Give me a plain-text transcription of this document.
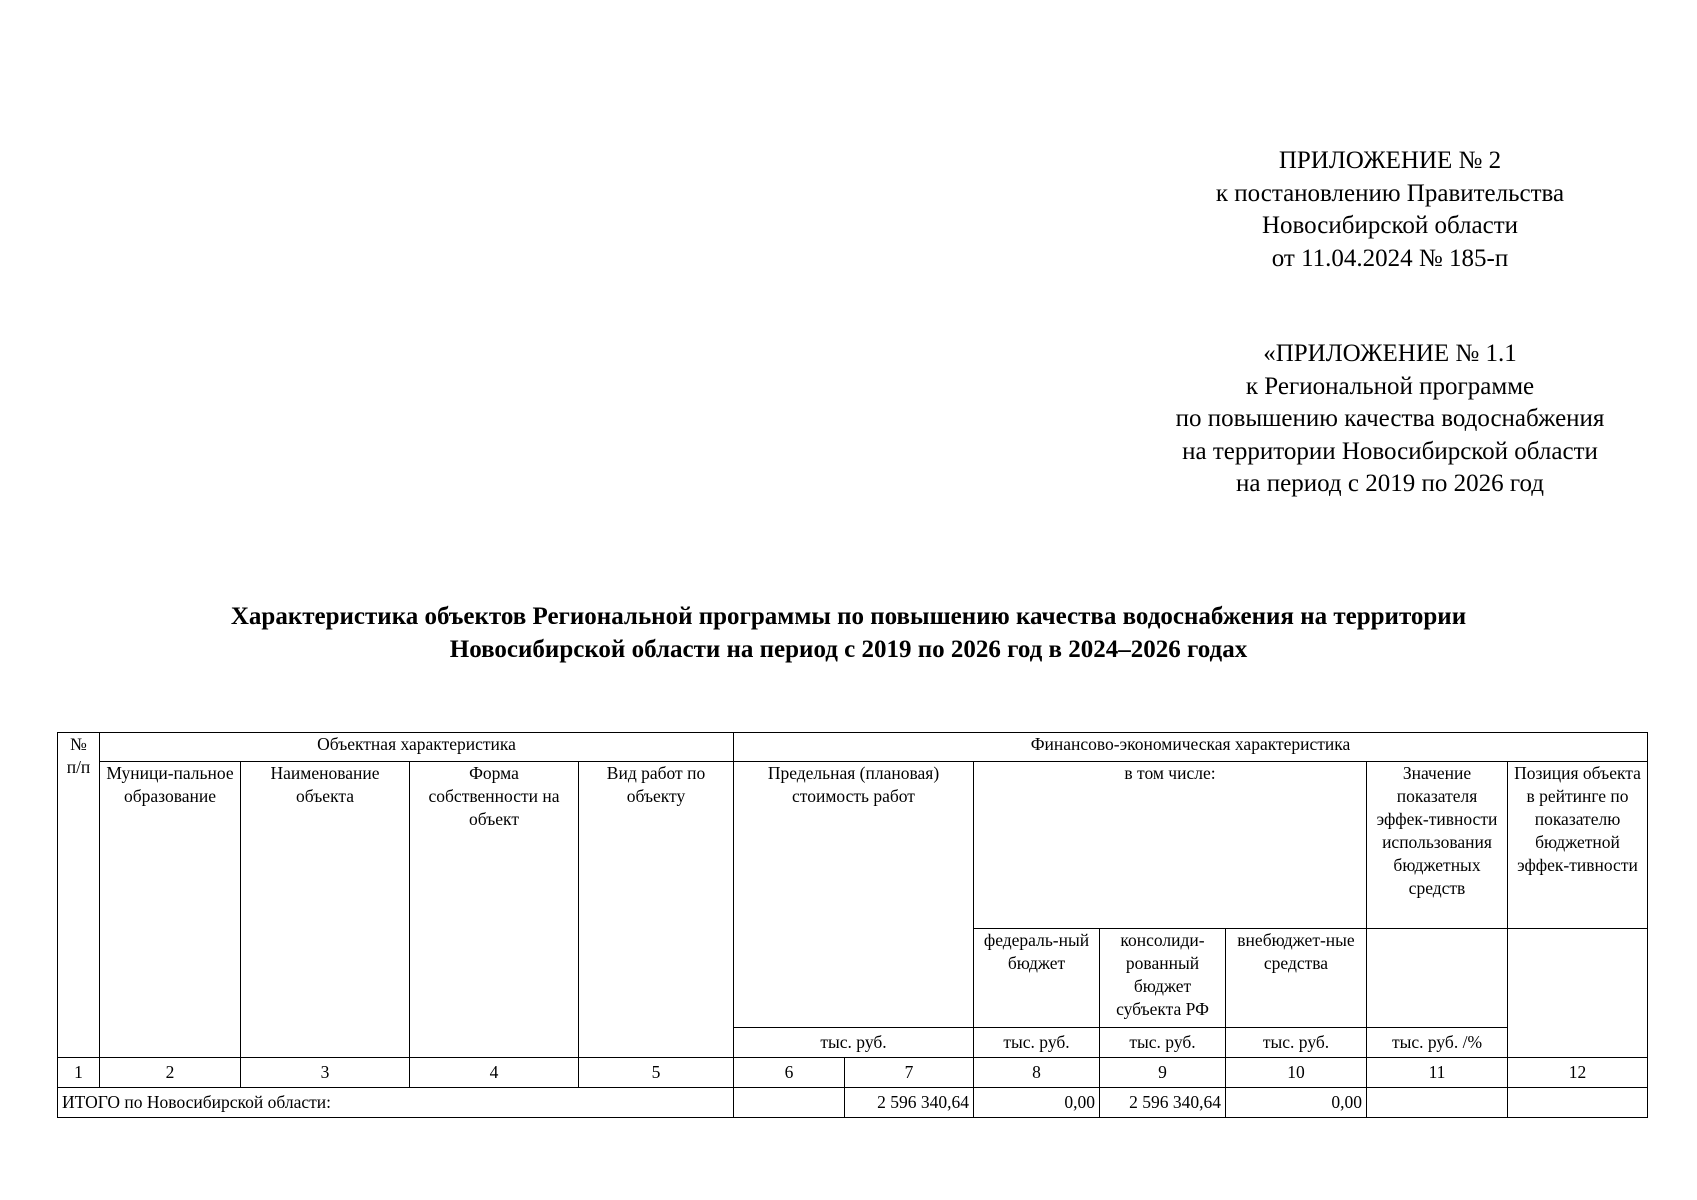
ПРИЛОЖЕНИЕ № 2
к постановлению Правительства
Новосибирской области
от 11.04.2024 № 185-п
«ПРИЛОЖЕНИЕ № 1.1
к Региональной программе
по повышению качества водоснабжения
на территории Новосибирской области
на период с 2019 по 2026 год
Характеристика объектов Региональной программы по повышению качества водоснабжения на территории
Новосибирской области на период с 2019 по 2026 год в 2024–2026 годах
№ п/п	Объектная характеристика				Финансово-экономическая характеристика						
	Муници-пальное образование	Наименование объекта	Форма собственности на объект	Вид работ по объекту	Предельная (плановая) стоимость работ		в том числе:			Значение показателя эффек-тивности использования бюджетных средств	Позиция объекта в рейтинге по показателю бюджетной эффек-тивности
							федераль-ный бюджет	консолиди-рованный бюджет субъекта РФ	внебюджет-ные средства		
					тыс. руб.		тыс. руб.	тыс. руб.	тыс. руб.	тыс. руб. /%	
1	2	3	4	5	6	7	8	9	10	11	12
ИТОГО по Новосибирской области:						2 596 340,64	0,00	2 596 340,64	0,00		
